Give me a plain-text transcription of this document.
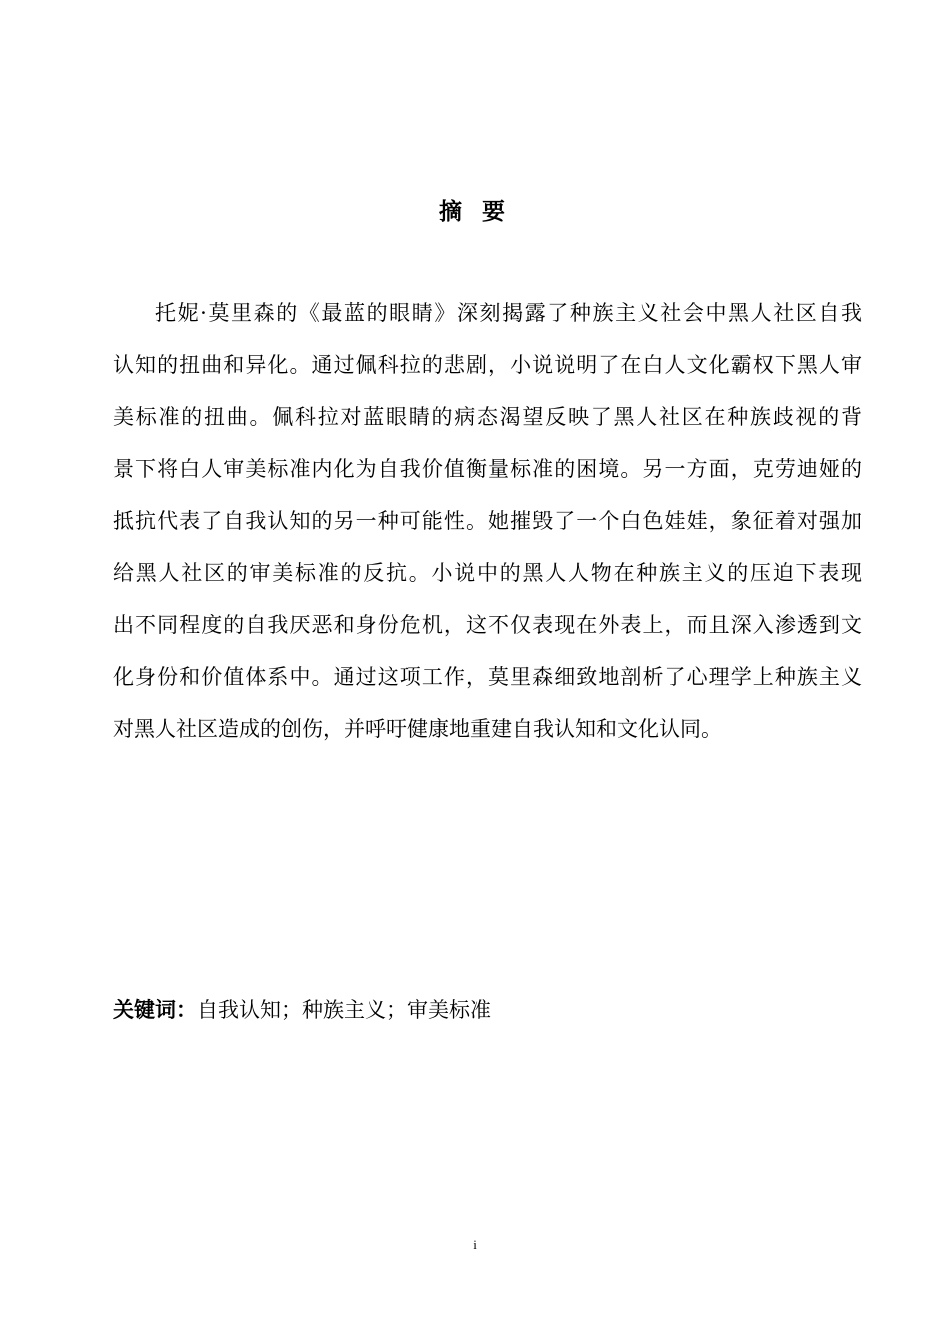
摘 要
托妮·莫里森的《最蓝的眼睛》深刻揭露了种族主义社会中黑人社区自我
认知的扭曲和异化。通过佩科拉的悲剧，小说说明了在白人文化霸权下黑人审
美标准的扭曲。佩科拉对蓝眼睛的病态渴望反映了黑人社区在种族歧视的背
景下将白人审美标准内化为自我价值衡量标准的困境。另一方面，克劳迪娅的
抵抗代表了自我认知的另一种可能性。她摧毁了一个白色娃娃，象征着对强加
给黑人社区的审美标准的反抗。小说中的黑人人物在种族主义的压迫下表现
出不同程度的自我厌恶和身份危机，这不仅表现在外表上，而且深入渗透到文
化身份和价值体系中。通过这项工作，莫里森细致地剖析了心理学上种族主义
对黑人社区造成的创伤，并呼吁健康地重建自我认知和文化认同。

关键词：自我认知；种族主义；审美标准

i
